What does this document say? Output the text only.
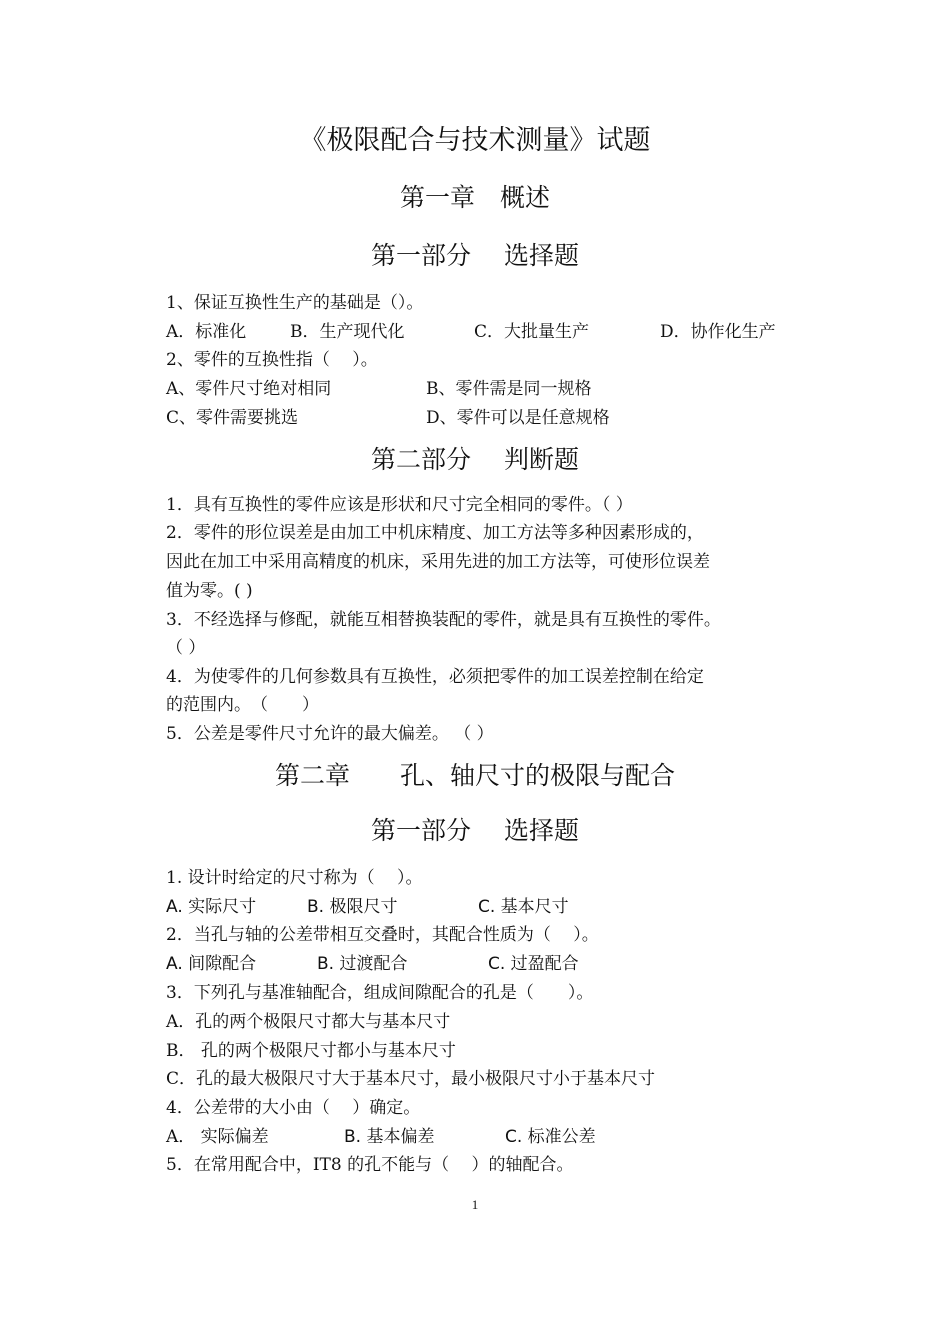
《极限配合与技术测量》试题
第一章　概述
第一部分　 选择题
1、保证互换性生产的基础是（）。
A．标准化	B．生产现代化	C．大批量生产	D．协作化生产
2、零件的互换性指（　 ）。
A、零件尺寸绝对相同	B、零件需是同一规格
C、零件需要挑选	D、零件可以是任意规格
第二部分　 判断题
1．具有互换性的零件应该是形状和尺寸完全相同的零件。（ ）
2．零件的形位误差是由加工中机床精度、加工方法等多种因素形成的，
因此在加工中采用高精度的机床，采用先进的加工方法等，可使形位误差
值为零。( )
3．不经选择与修配，就能互相替换装配的零件，就是具有互换性的零件。
（ ）
4．为使零件的几何参数具有互换性，必须把零件的加工误差控制在给定
的范围内。　（　　）
5．公差是零件尺寸允许的最大偏差。 （ ）
第二章　　孔、轴尺寸的极限与配合
第一部分　 选择题
1. 设计时给定的尺寸称为（　 ）。
A. 实际尺寸	B. 极限尺寸	C. 基本尺寸
2．当孔与轴的公差带相互交叠时，其配合性质为（　 ）。
A. 间隙配合	B. 过渡配合	C. 过盈配合
3．下列孔与基准轴配合，组成间隙配合的孔是（　　）。
A．孔的两个极限尺寸都大与基本尺寸
B． 孔的两个极限尺寸都小与基本尺寸
C．孔的最大极限尺寸大于基本尺寸，最小极限尺寸小于基本尺寸
4．公差带的大小由（　 ）确定。
A． 实际偏差	B. 基本偏差	C. 标准公差
5．在常用配合中，IT8 的孔不能与（　 ）的轴配合。
1
